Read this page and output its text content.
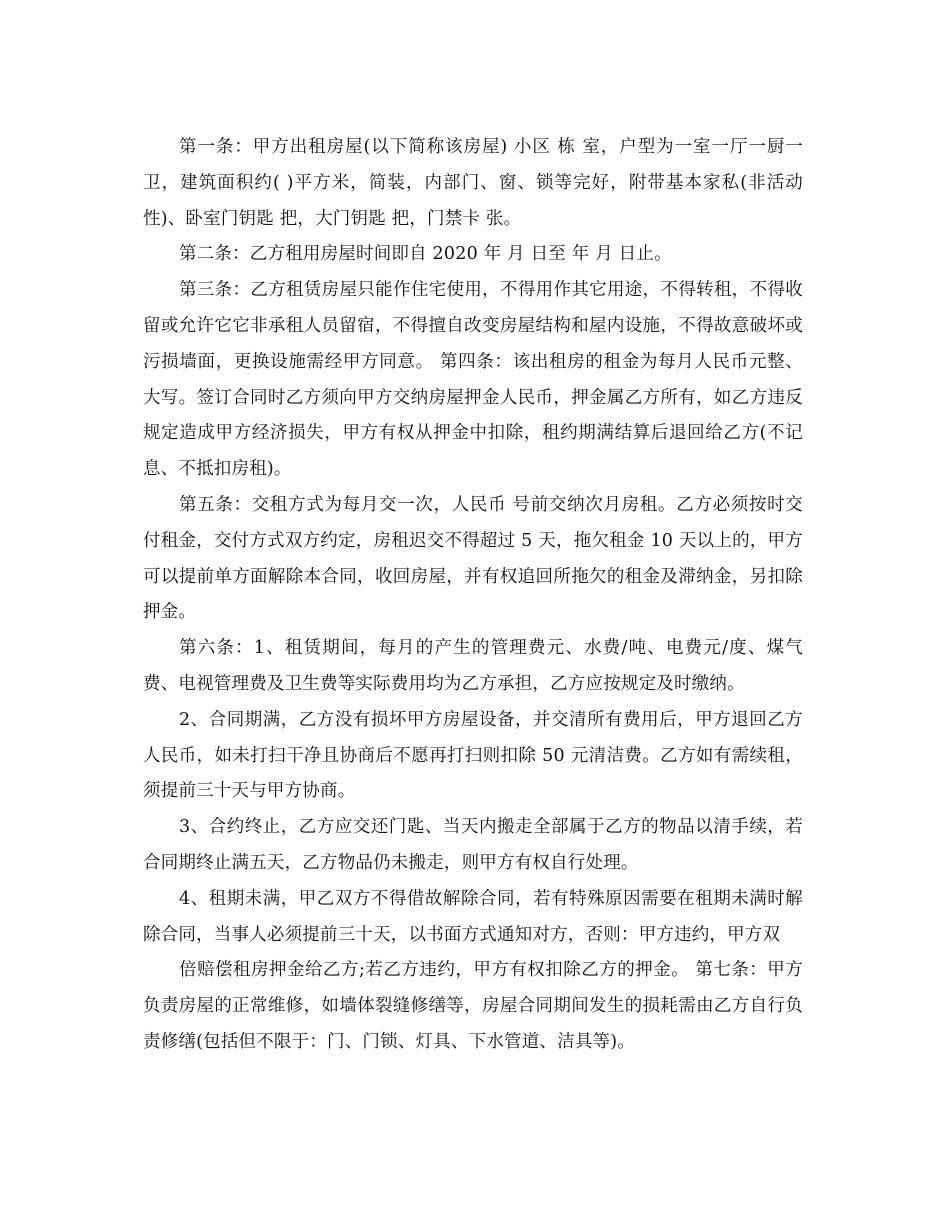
第一条：甲方出租房屋(以下简称该房屋) 小区 栋 室，户型为一室一厅一厨一卫，建筑面积约( )平方米，简装，内部门、窗、锁等完好，附带基本家私(非活动性)、卧室门钥匙 把，大门钥匙 把，门禁卡 张。

第二条：乙方租用房屋时间即自 2020 年 月 日至 年 月 日止。

第三条：乙方租赁房屋只能作住宅使用，不得用作其它用途，不得转租，不得收留或允许它它非承租人员留宿，不得擅自改变房屋结构和屋内设施，不得故意破坏或污损墙面，更换设施需经甲方同意。 第四条：该出租房的租金为每月人民币元整、大写。签订合同时乙方须向甲方交纳房屋押金人民币，押金属乙方所有，如乙方违反规定造成甲方经济损失，甲方有权从押金中扣除，租约期满结算后退回给乙方(不记息、不抵扣房租)。

第五条：交租方式为每月交一次，人民币 号前交纳次月房租。乙方必须按时交付租金，交付方式双方约定，房租迟交不得超过 5 天，拖欠租金 10 天以上的，甲方可以提前单方面解除本合同，收回房屋，并有权追回所拖欠的租金及滞纳金，另扣除押金。

第六条：1、租赁期间，每月的产生的管理费元、水费/吨、电费元/度、煤气费、电视管理费及卫生费等实际费用均为乙方承担，乙方应按规定及时缴纳。

2、合同期满，乙方没有损坏甲方房屋设备，并交清所有费用后，甲方退回乙方人民币，如未打扫干净且协商后不愿再打扫则扣除 50 元清洁费。乙方如有需续租，须提前三十天与甲方协商。

3、合约终止，乙方应交还门匙、当天内搬走全部属于乙方的物品以清手续，若合同期终止满五天，乙方物品仍未搬走，则甲方有权自行处理。

4、租期未满，甲乙双方不得借故解除合同，若有特殊原因需要在租期未满时解除合同，当事人必须提前三十天，以书面方式通知对方，否则：甲方违约，甲方双

倍赔偿租房押金给乙方;若乙方违约，甲方有权扣除乙方的押金。 第七条：甲方负责房屋的正常维修，如墙体裂缝修缮等，房屋合同期间发生的损耗需由乙方自行负责修缮(包括但不限于：门、门锁、灯具、下水管道、洁具等)。
